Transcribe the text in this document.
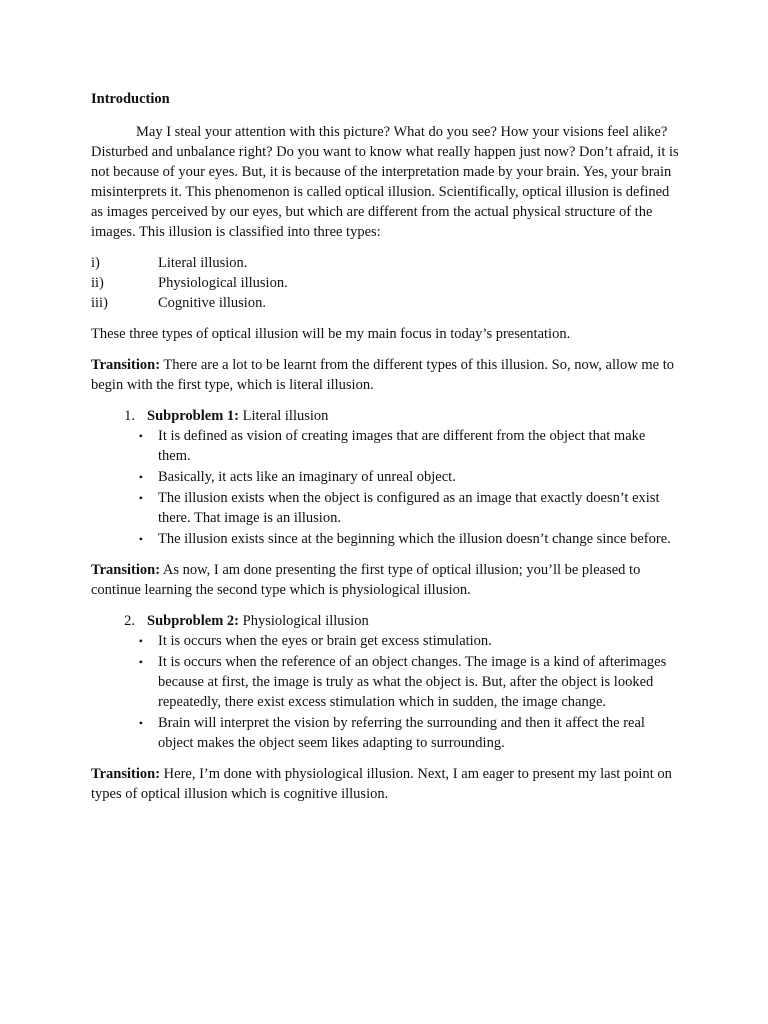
Introduction

May I steal your attention with this picture? What do you see? How your visions feel alike? Disturbed and unbalance right? Do you want to know what really happen just now? Don’t afraid, it is not because of your eyes. But, it is because of the interpretation made by your brain. Yes, your brain misinterprets it. This phenomenon is called optical illusion. Scientifically, optical illusion is defined as images perceived by our eyes, but which are different from the actual physical structure of the images. This illusion is classified into three types:

i)	Literal illusion.
ii)	Physiological illusion.
iii)	Cognitive illusion.

These three types of optical illusion will be my main focus in today’s presentation.

Transition: There are a lot to be learnt from the different types of this illusion. So, now, allow me to begin with the first type, which is literal illusion.

1. Subproblem 1: Literal illusion
•	It is defined as vision of creating images that are different from the object that make them.
•	Basically, it acts like an imaginary of unreal object.
•	The illusion exists when the object is configured as an image that exactly doesn’t exist there. That image is an illusion.
•	The illusion exists since at the beginning which the illusion doesn’t change since before.

Transition: As now, I am done presenting the first type of optical illusion; you’ll be pleased to continue learning the second type which is physiological illusion.

2. Subproblem 2: Physiological illusion
•	It is occurs when the eyes or brain get excess stimulation.
•	It is occurs when the reference of an object changes. The image is a kind of afterimages because at first, the image is truly as what the object is. But, after the object is looked repeatedly, there exist excess stimulation which in sudden, the image change.
•	Brain will interpret the vision by referring the surrounding and then it affect the real object makes the object seem likes adapting to surrounding.

Transition: Here, I’m done with physiological illusion. Next, I am eager to present my last point on types of optical illusion which is cognitive illusion.
